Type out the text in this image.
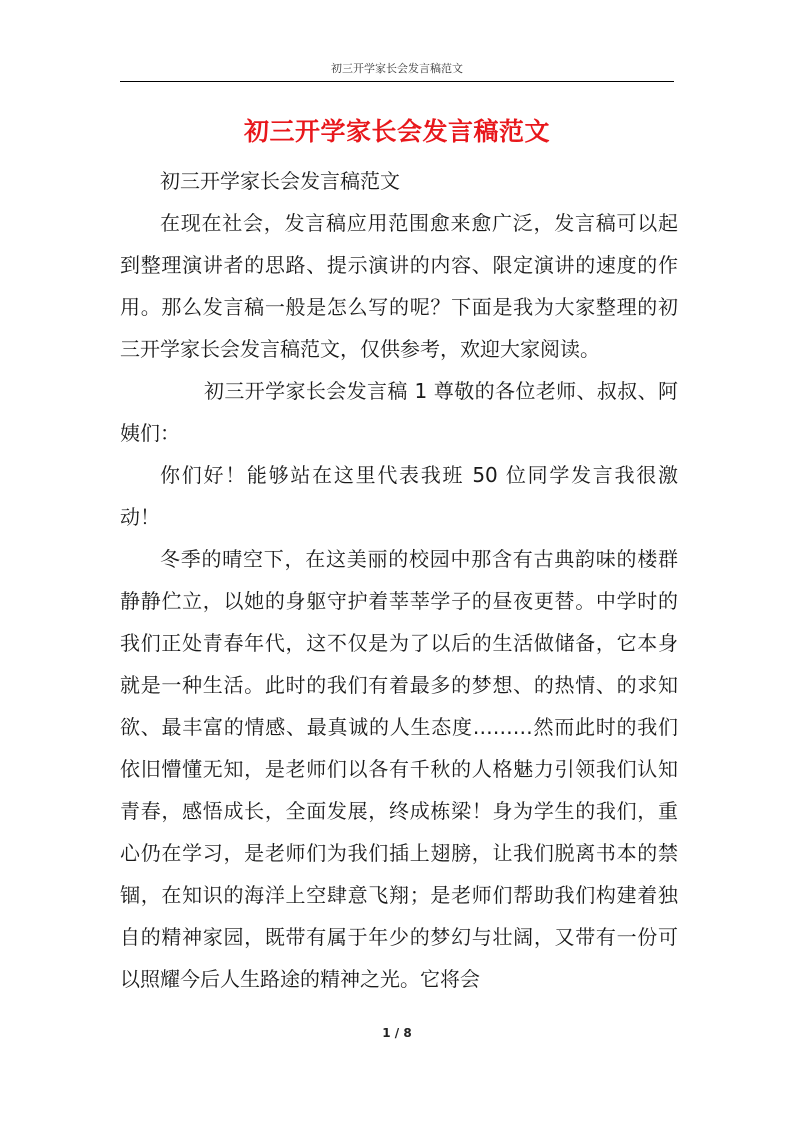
初三开学家长会发言稿范文
初三开学家长会发言稿范文

初三开学家长会发言稿范文

在现在社会，发言稿应用范围愈来愈广泛，发言稿可以起到整理演讲者的思路、提示演讲的内容、限定演讲的速度的作用。那么发言稿一般是怎么写的呢？下面是我为大家整理的初三开学家长会发言稿范文，仅供参考，欢迎大家阅读。

初三开学家长会发言稿 1 尊敬的各位老师、叔叔、阿姨们：

你们好！能够站在这里代表我班 50 位同学发言我很激动！

冬季的晴空下，在这美丽的校园中那含有古典韵味的楼群静静伫立，以她的身躯守护着莘莘学子的昼夜更替。中学时的我们正处青春年代，这不仅是为了以后的生活做储备，它本身就是一种生活。此时的我们有着最多的梦想、的热情、的求知欲、最丰富的情感、最真诚的人生态度………然而此时的我们依旧懵懂无知，是老师们以各有千秋的人格魅力引领我们认知青春，感悟成长，全面发展，终成栋梁！身为学生的我们，重心仍在学习，是老师们为我们插上翅膀，让我们脱离书本的禁锢，在知识的海洋上空肆意飞翔；是老师们帮助我们构建着独自的精神家园，既带有属于年少的梦幻与壮阔，又带有一份可以照耀今后人生路途的精神之光。它将会

1 / 8
